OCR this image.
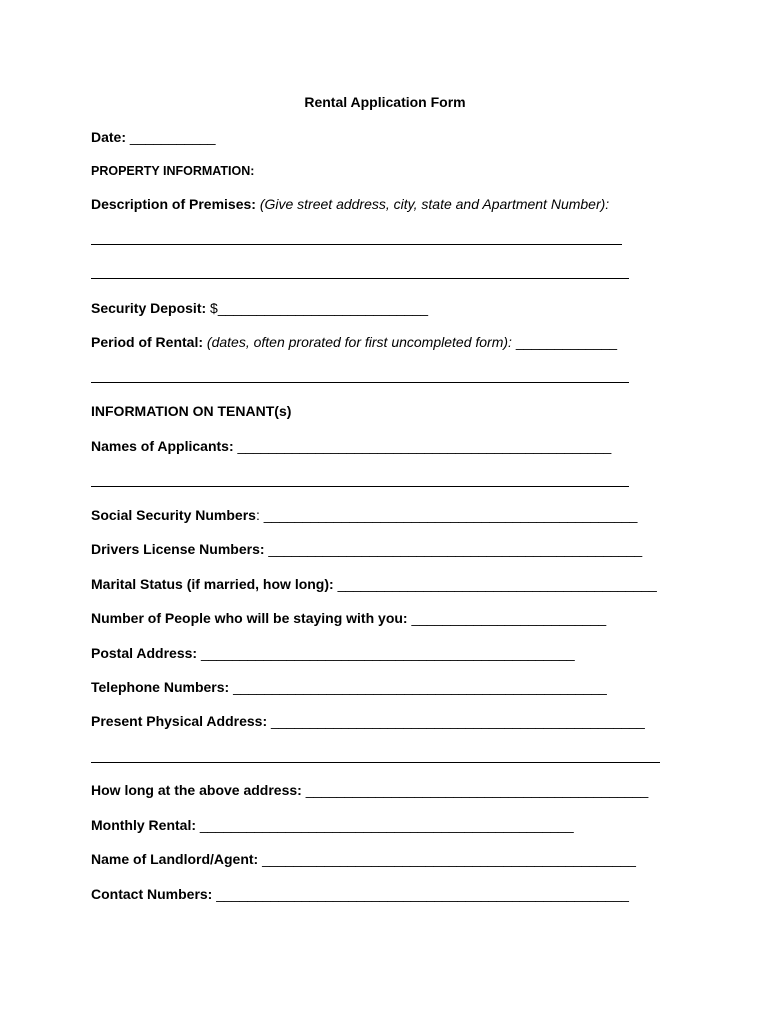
Rental Application Form
Date: ___________
PROPERTY INFORMATION:
Description of Premises: (Give street address, city, state and Apartment Number):
Security Deposit: $___________________________
Period of Rental: (dates, often prorated for first uncompleted form): _____________
INFORMATION ON TENANT(s)
Names of Applicants: ________________________________________________
Social Security Numbers: ________________________________________________
Drivers License Numbers: ________________________________________________
Marital Status (if married, how long): _________________________________________
Number of People who will be staying with you: _________________________
Postal Address: ________________________________________________
Telephone Numbers: ________________________________________________
Present Physical Address: ________________________________________________
How long at the above address: ____________________________________________
Monthly Rental: ________________________________________________
Name of Landlord/Agent: ________________________________________________
Contact Numbers: _____________________________________________________
